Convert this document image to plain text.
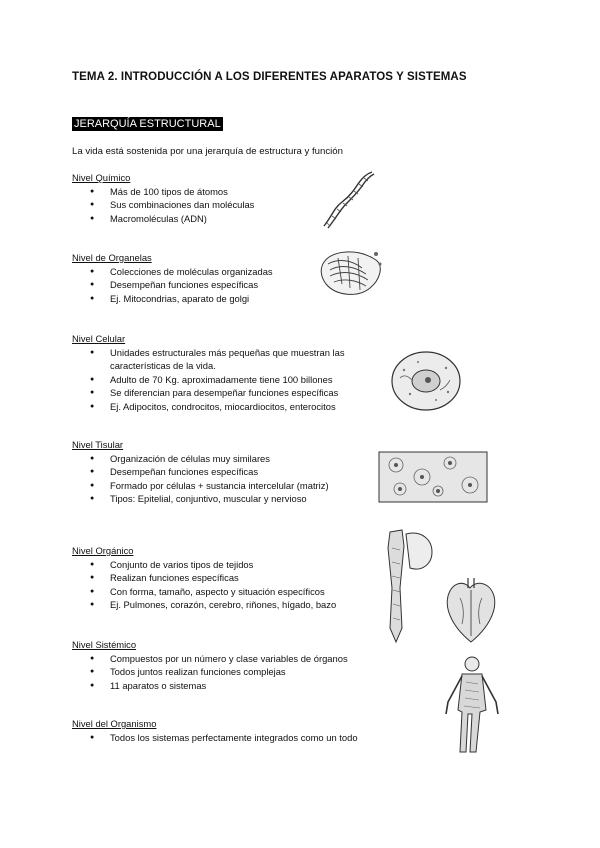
TEMA 2. INTRODUCCIÓN A LOS DIFERENTES APARATOS Y SISTEMAS
JERARQUÍA ESTRUCTURAL
La vida está sostenida por una jerarquía de estructura y función
Nivel Químico
● Más de 100 tipos de átomos
● Sus combinaciones dan moléculas
● Macromoléculas (ADN)
Nivel de Organelas
● Colecciones de moléculas organizadas
● Desempeñan funciones específicas
● Ej. Mitocondrias, aparato de golgi
Nivel Celular
● Unidades estructurales más pequeñas que muestran las características de la vida.
● Adulto de 70 Kg. aproximadamente tiene 100 billones
● Se diferencian para desempeñar funciones específicas
● Ej. Adipocitos, condrocitos, miocardiocitos, enterocitos
Nivel Tisular
● Organización de células muy similares
● Desempeñan funciones específicas
● Formado por células + sustancia intercelular (matriz)
● Tipos: Epitelial, conjuntivo, muscular y nervioso
Nivel Orgánico
● Conjunto de varios tipos de tejidos
● Realizan funciones específicas
● Con forma, tamaño, aspecto y situación específicos
● Ej. Pulmones, corazón, cerebro, riñones, hígado, bazo
Nivel Sistémico
● Compuestos por un número y clase variables de órganos
● Todos juntos realizan funciones complejas
● 11 aparatos o sistemas
Nivel del Organismo
● Todos los sistemas perfectamente integrados como un todo
